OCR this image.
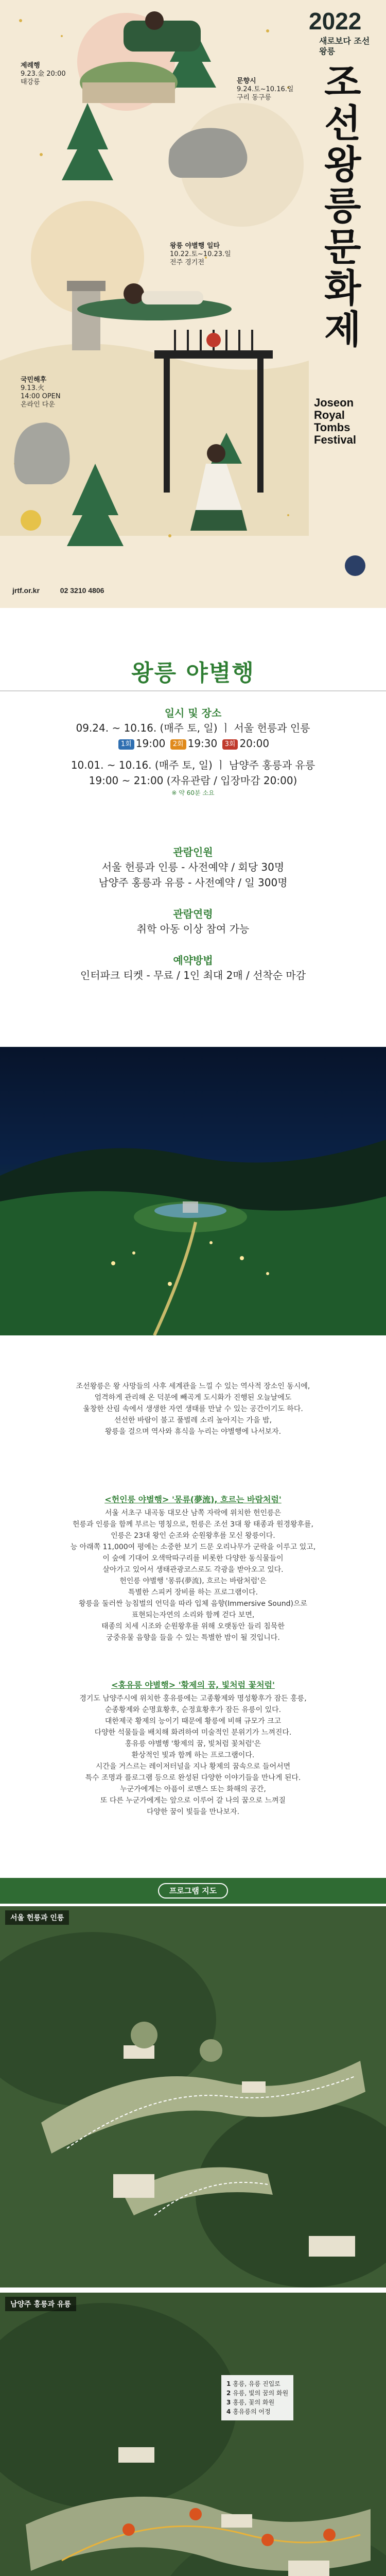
2022
새로보다 조선왕릉
조선왕릉문화제
Joseon Royal Tombs Festival
제례행
9.23.金 20:00
태강릉	문향시
9.24.토~10.16.일
구리 동구릉
왕릉 야별행 일타
10.22.토~10.23.일
전주 경기전
국민해후
9.13.火
14:00 OPEN
온라인 다운
jrtf.or.kr	02 3210 4806
왕릉 야별행
일시 및 장소
09.24. ~ 10.16. (매주 토, 일) ㅣ 서울 헌릉과 인릉
1회 19:00 2회 19:30 3회 20:00
10.01. ~ 10.16. (매주 토, 일) ㅣ 남양주 홍릉과 유릉
19:00 ~ 21:00 (자유관람 / 입장마감 20:00)
※ 약 60분 소요
관람인원
서울 헌릉과 인릉 - 사전예약 / 회당 30명
남양주 홍릉과 유릉 - 사전예약 / 일 300명
관람연령
취학 아동 이상 참여 가능
예약방법
인터파크 티켓 - 무료 / 1인 최대 2매 / 선착순 마감
조선왕릉은 왕 사망들의 사후 세계관을 느낄 수 있는 역사적 장소인 동시에,
엄격하게 관리해 온 덕분에 빼곡게 도시화가 진행된 오늘날에도
울창한 산림 속에서 생생한 자연 생태를 만날 수 있는 공간이기도 하다.
선선한 바람이 불고 풀벌레 소리 높아지는 가을 밤,
왕릉을 걸으며 역사와 휴식을 누리는 야별행에 나서보자.
<헌인릉 야별행> '몽류(夢流), 흐르는 바람처럼'
서울 서초구 내곡동 대모산 남쪽 자락에 위치한 헌인릉은
헌릉과 인릉을 함께 부르는 명칭으로, 헌릉은 조선 3대 왕 태종과 원경왕후를,
인릉은 23대 왕인 순조와 순원왕후를 모신 왕릉이다.
능 아래쪽 11,000여 평에는 소중한 보기 드문 오리나무가 군락을 이루고 있고,
이 숲에 기대어 오색딱따구리를 비롯한 다양한 동식물들이
살아가고 있어서 생태관광코스로도 각광을 받아오고 있다.
헌인릉 야별행 '몽류(夢流), 흐르는 바람처럼'은
특별한 스피커 장비를 하는 프로그램이다.
왕릉을 둘러싼 능침벌의 언덕을 따라 입체 음향(Immersive Sound)으로
표현되는자연의 소리와 함께 걷다 보면,
태종의 치세 시조와 순원왕후를 위해 오랫동안 들리 침묵한
궁중유물 음향을 들을 수 있는 특별한 밤이 될 것입니다.
<홍유릉 야별행> '황제의 꿈, 빛처럼 꽃처럼'
경기도 남양주시에 위치한 홍유릉에는 고종황제와 명성황후가 잠든 홍릉,
순종황제와 순명효황후, 순정효황후가 잠든 유릉이 있다.
대한제국 황제의 능이기 때문에 황릉에 비해 규모가 크고
다양한 석물들을 배치해 화려하여 미술적인 분위기가 느껴진다.
홍유릉 야별행 '황제의 꿈, 빛처럼 꽃처럼'은
환상적인 빛과 함께 하는 프로그램이다.
시간을 거스르는 레이저터널을 지나 황제의 꿈속으로 들어서면
특수 조명과 플로그램 등으로 완성된 다양한 이야기들을 만나게 된다.
누군가에게는 아픔이 로맨스 또는 화해의 공간,
또 다른 누군가에게는 앞으로 이루어 갈 나의 꿈으로 느껴질
다양한 꿈이 빛들을 만나보자.
프로그램 지도
서울 헌릉과 인릉
남양주 홍릉과 유릉
1 홍릉, 유릉 진입로
2 유릉, 빛의 꿈의 화원
3 홍릉, 꽃의 화원
4 홍유릉의 어정
